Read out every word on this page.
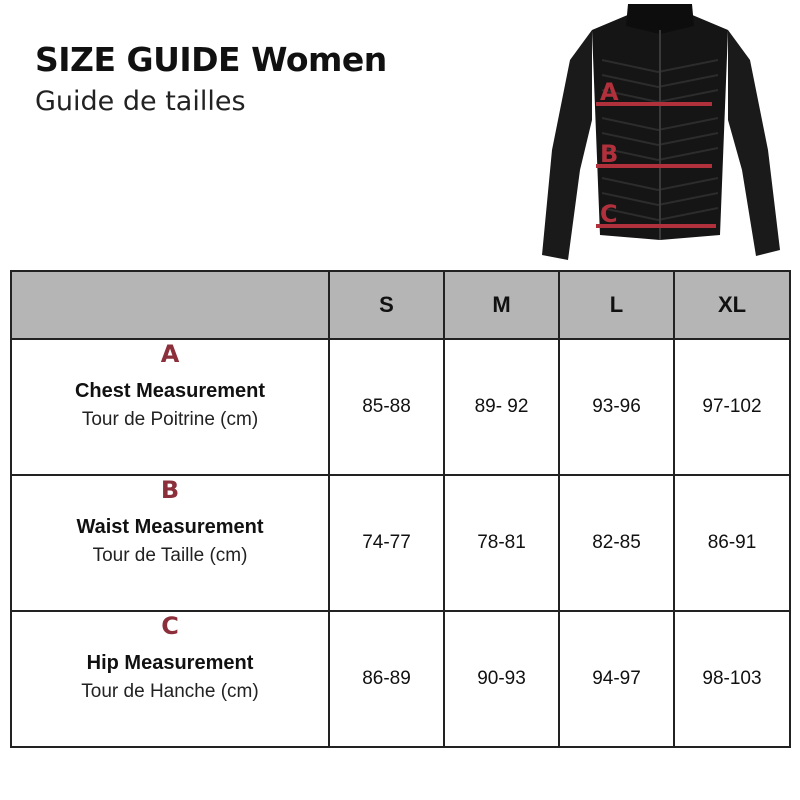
SIZE GUIDE Women
Guide de tailles	A
B
C
	S	M	L	XL

A
Chest Measurement
Tour de Poitrine (cm)	85-88	89- 92	93-96	97-102

B
Waist Measurement
Tour de Taille (cm)	74-77	78-81	82-85	86-91

C
Hip Measurement
Tour de Hanche (cm)	86-89	90-93	94-97	98-103
